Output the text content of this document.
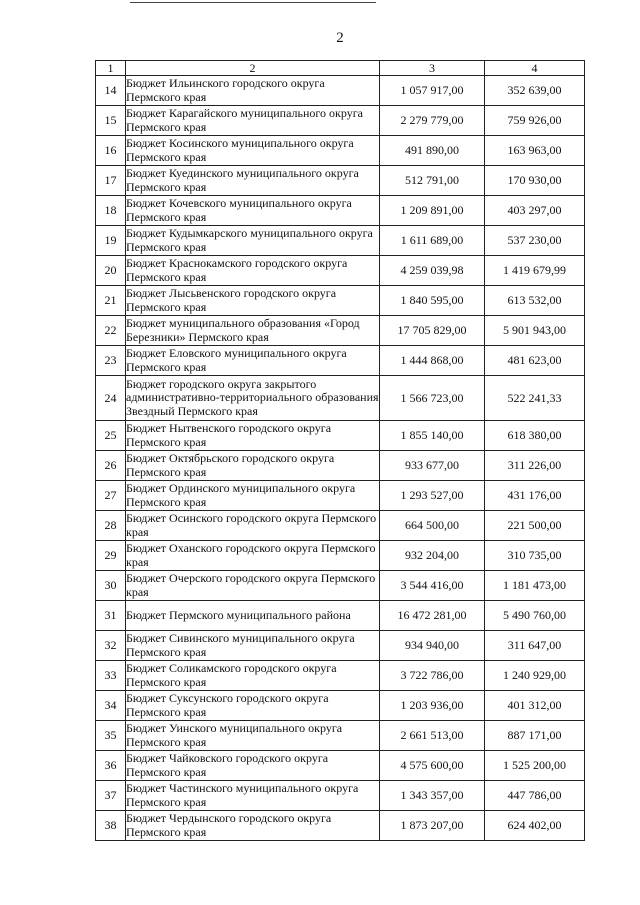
2
1	2	3	4
14	Бюджет Ильинского городского округа Пермского края	1 057 917,00	352 639,00
15	Бюджет Карагайского муниципального округа Пермского края	2 279 779,00	759 926,00
16	Бюджет Косинского муниципального округа Пермского края	491 890,00	163 963,00
17	Бюджет Куединского муниципального округа Пермского края	512 791,00	170 930,00
18	Бюджет Кочевского муниципального округа Пермского края	1 209 891,00	403 297,00
19	Бюджет Кудымкарского муниципального округа Пермского края	1 611 689,00	537 230,00
20	Бюджет Краснокамского городского округа Пермского края	4 259 039,98	1 419 679,99
21	Бюджет Лысьвенского городского округа Пермского края	1 840 595,00	613 532,00
22	Бюджет муниципального образования «Город Березники» Пермского края	17 705 829,00	5 901 943,00
23	Бюджет Еловского муниципального округа Пермского края	1 444 868,00	481 623,00
24	Бюджет городского округа закрытого административно-территориального образования Звездный Пермского края	1 566 723,00	522 241,33
25	Бюджет Нытвенского городского округа Пермского края	1 855 140,00	618 380,00
26	Бюджет Октябрьского городского округа Пермского края	933 677,00	311 226,00
27	Бюджет Ординского муниципального округа Пермского края	1 293 527,00	431 176,00
28	Бюджет Осинского городского округа Пермского края	664 500,00	221 500,00
29	Бюджет Оханского городского округа Пермского края	932 204,00	310 735,00
30	Бюджет Очерского городского округа Пермского края	3 544 416,00	1 181 473,00
31	Бюджет Пермского муниципального района	16 472 281,00	5 490 760,00
32	Бюджет Сивинского муниципального округа Пермского края	934 940,00	311 647,00
33	Бюджет Соликамского городского округа Пермского края	3 722 786,00	1 240 929,00
34	Бюджет Суксунского городского округа Пермского края	1 203 936,00	401 312,00
35	Бюджет Уинского муниципального округа Пермского края	2 661 513,00	887 171,00
36	Бюджет Чайковского городского округа Пермского края	4 575 600,00	1 525 200,00
37	Бюджет Частинского муниципального округа Пермского края	1 343 357,00	447 786,00
38	Бюджет Чердынского городского округа Пермского края	1 873 207,00	624 402,00
